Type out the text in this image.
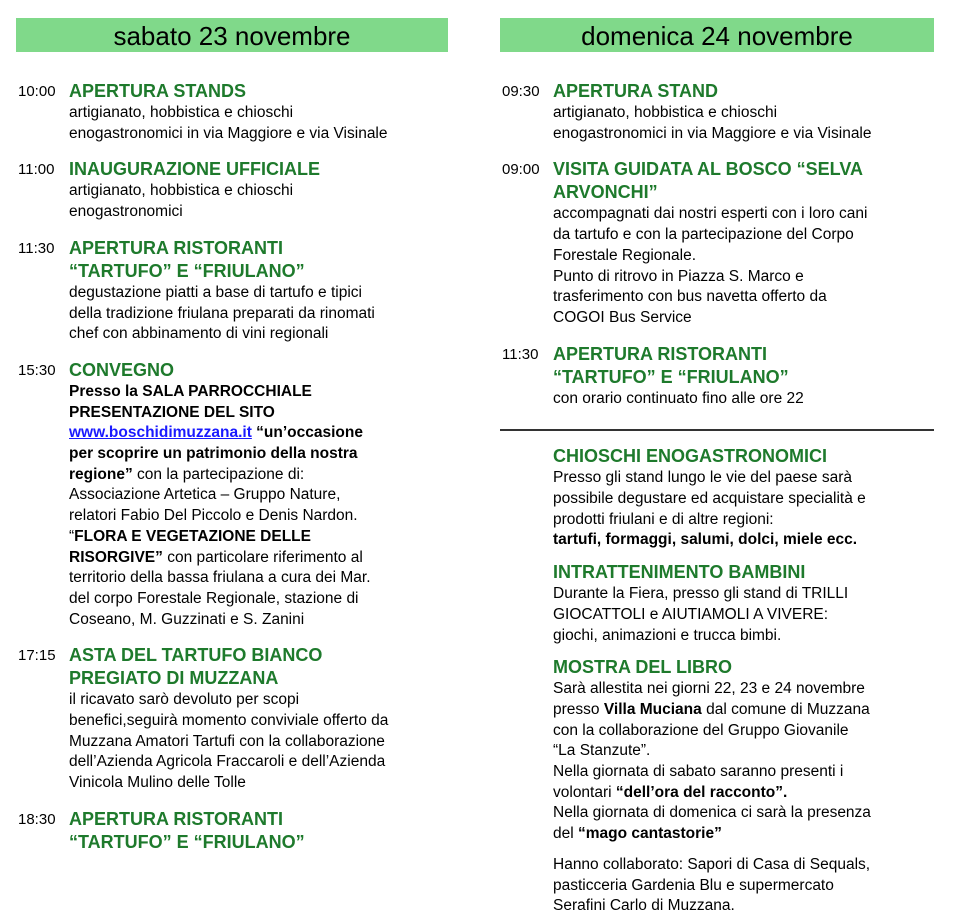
sabato 23 novembre
10:00 APERTURA STANDS
artigianato, hobbistica e chioschi
enogastronomici in via Maggiore e via Visinale
11:00 INAUGURAZIONE UFFICIALE
artigianato, hobbistica e chioschi
enogastronomici
11:30 APERTURA RISTORANTI
“TARTUFO” E “FRIULANO”
degustazione piatti a base di tartufo e tipici
della tradizione friulana preparati da rinomati
chef con abbinamento di vini regionali
15:30 CONVEGNO
Presso la SALA PARROCCHIALE
PRESENTAZIONE DEL SITO
www.boschidimuzzana.it “un’occasione
per scoprire un patrimonio della nostra
regione” con la partecipazione di:
Associazione Artetica – Gruppo Nature,
relatori Fabio Del Piccolo e Denis Nardon.
“FLORA E VEGETAZIONE DELLE
RISORGIVE” con particolare riferimento al
territorio della bassa friulana a cura dei Mar.
del corpo Forestale Regionale, stazione di
Coseano, M. Guzzinati e S. Zanini
17:15 ASTA DEL TARTUFO BIANCO
PREGIATO DI MUZZANA
il ricavato sarò devoluto per scopi
benefici,seguirà momento conviviale offerto da
Muzzana Amatori Tartufi con la collaborazione
dell’Azienda Agricola Fraccaroli e dell’Azienda
Vinicola Mulino delle Tolle
18:30 APERTURA RISTORANTI
“TARTUFO” E “FRIULANO”
domenica 24 novembre
09:30 APERTURA STAND
artigianato, hobbistica e chioschi
enogastronomici in via Maggiore e via Visinale
09:00 VISITA GUIDATA AL BOSCO “SELVA
ARVONCHI”
accompagnati dai nostri esperti con i loro cani
da tartufo e con la partecipazione del Corpo
Forestale Regionale.
Punto di ritrovo in Piazza S. Marco e
trasferimento con bus navetta offerto da
COGOI Bus Service
11:30 APERTURA RISTORANTI
“TARTUFO” E “FRIULANO”
con orario continuato fino alle ore 22
CHIOSCHI ENOGASTRONOMICI
Presso gli stand lungo le vie del paese sarà
possibile degustare ed acquistare specialità e
prodotti friulani e di altre regioni:
tartufi, formaggi, salumi, dolci, miele ecc.
INTRATTENIMENTO BAMBINI
Durante la Fiera, presso gli stand di TRILLI
GIOCATTOLI e AIUTIAMOLI A VIVERE:
giochi, animazioni e trucca bimbi.
MOSTRA DEL LIBRO
Sarà allestita nei giorni 22, 23 e 24 novembre
presso Villa Muciana dal comune di Muzzana
con la collaborazione del Gruppo Giovanile
“La Stanzute”.
Nella giornata di sabato saranno presenti i
volontari “dell’ora del racconto”.
Nella giornata di domenica ci sarà la presenza
del “mago cantastorie”
Hanno collaborato: Sapori di Casa di Sequals,
pasticceria Gardenia Blu e supermercato
Serafini Carlo di Muzzana.
